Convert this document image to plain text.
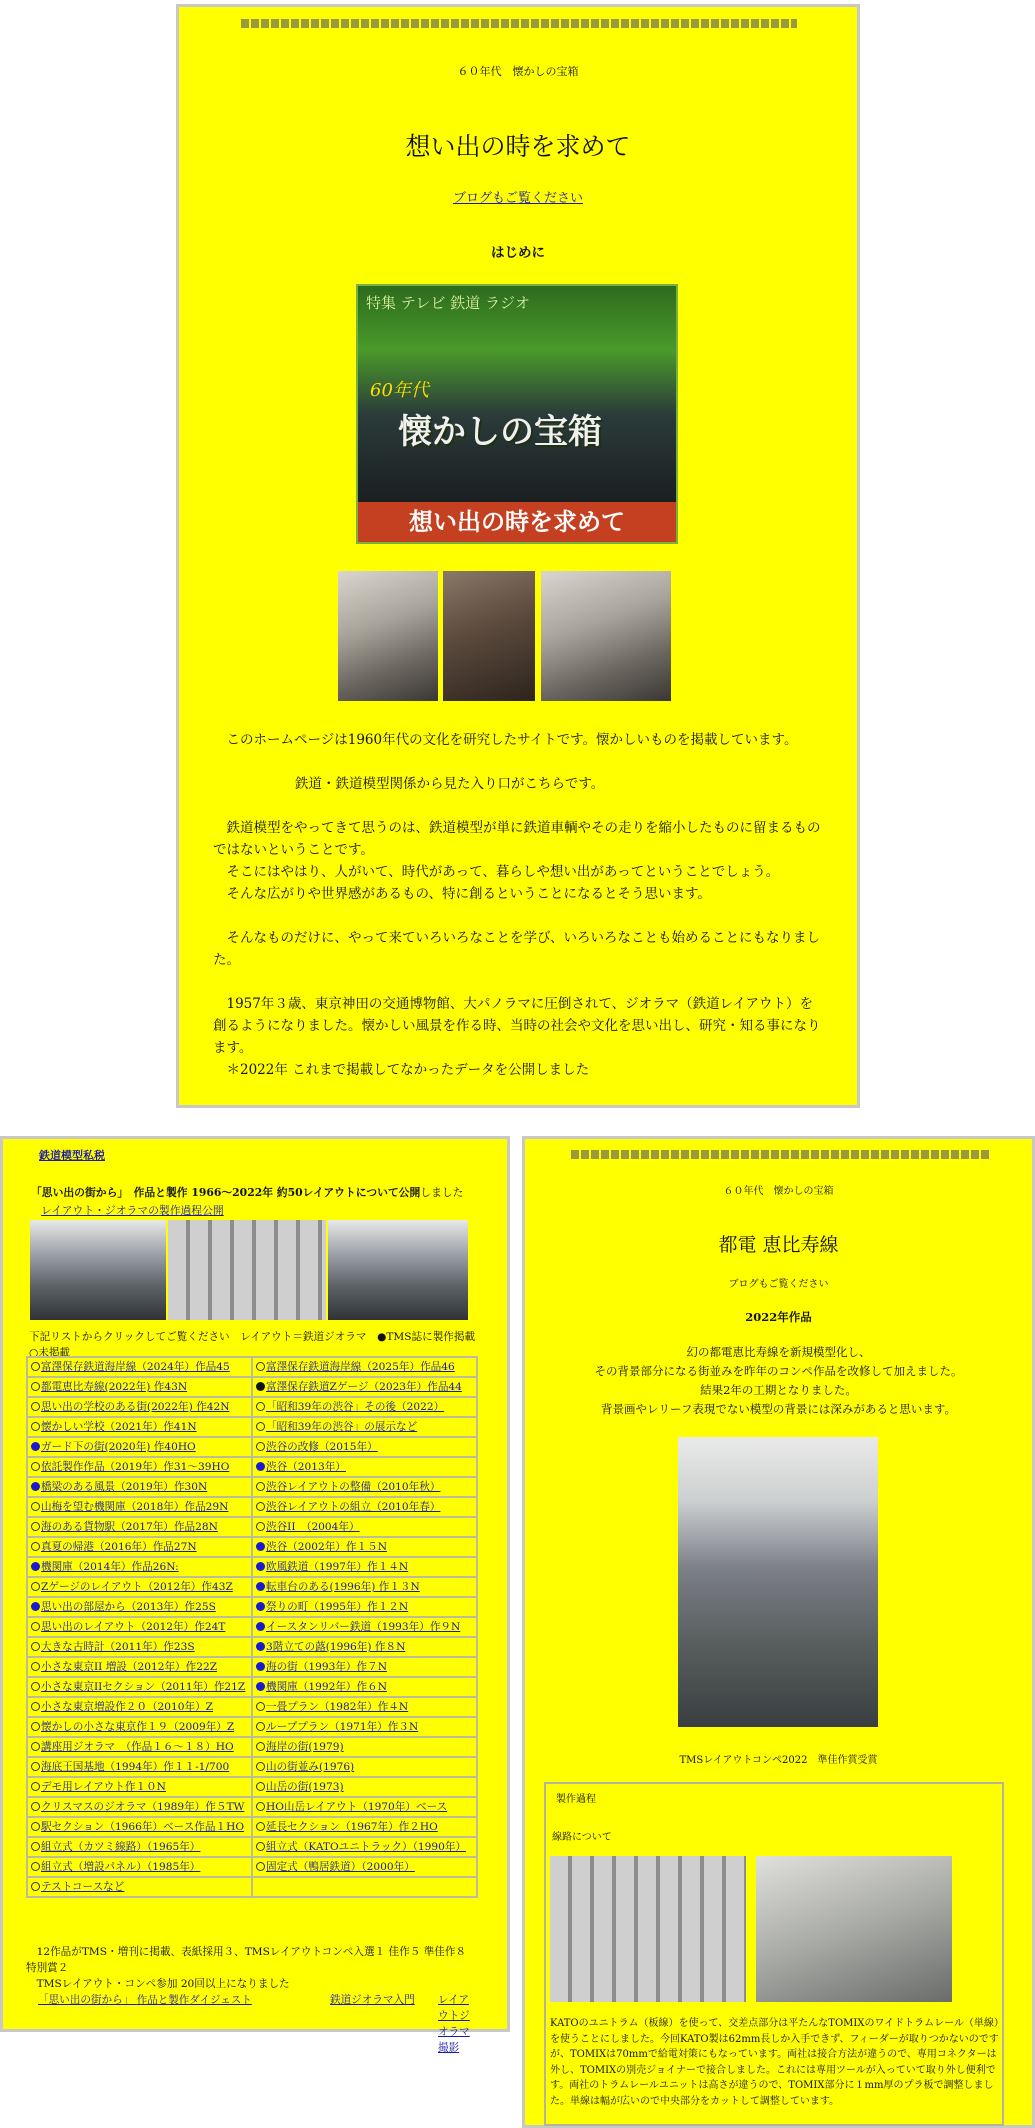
６０年代　懐かしの宝箱
想い出の時を求めて
ブログもご覧ください
はじめに
特集 テレビ 鉄道 ラジオ
60年代
懐かしの宝箱
想い出の時を求めて

　このホームページは1960年代の文化を研究したサイトです。懐かしいものを掲載しています。

鉄道・鉄道模型関係から見た入り口がこちらです。

　鉄道模型をやってきて思うのは、鉄道模型が単に鉄道車輌やその走りを縮小したものに留まるものではないということです。

　そこにはやはり、人がいて、時代があって、暮らしや想い出があってということでしょう。

　そんな広がりや世界感があるもの、特に創るということになるとそう思います。

　そんなものだけに、やって来ていろいろなことを学び、いろいろなことも始めることにもなりました。

　1957年３歳、東京神田の交通博物館、大パノラマに圧倒されて、ジオラマ（鉄道レイアウト）を創るようになりました。懐かしい風景を作る時、当時の社会や文化を思い出し、研究・知る事になります。

　＊2022年 これまで掲載してなかったデータを公開しました

鉄道模型私税
「思い出の街から」　 作品と製作 1966〜2022年 約50レイアウトについて公開しました
レイアウト・ジオラマの製作過程公開
下記リストからクリックしてご覧ください　レイアウト＝鉄道ジオラマ　●TMS誌に製作掲載　○未掲載
富澤保存鉄道海岸線（2024年）作品45	富澤保存鉄道海岸線（2025年）作品46
都電恵比寿線(2022年) 作43N	富澤保存鉄道Zゲージ（2023年）作品44
思い出の学校のある街(2022年) 作42N	「昭和39年の渋谷」その後（2022）
懐かしい学校（2021年）作41N	「昭和39年の渋谷」の展示など
ガード下の街(2020年) 作40HO	渋谷の改修（2015年）
依託製作作品（2019年）作31〜39HO	渋谷（2013年）
橋梁のある風景（2019年）作30N	渋谷レイアウトの整備（2010年秋）
山梅を望む機関庫（2018年）作品29N	渋谷レイアウトの組立（2010年春）
海のある貨物駅（2017年）作品28N	渋谷II　（2004年）
真夏の帰港（2016年）作品27N	渋谷（2002年）作１５N
機関庫（2014年）作品26N:	欧風鉄道（1997年）作１４N
Zゲージのレイアウト（2012年）作43Z	転車台のある(1996年) 作１３N
思い出の部屋から（2013年）作25S	祭りの町（1995年）作１２N
思い出のレイアウト（2012年）作24T	イースタンリバー鉄道（1993年）作９N
大きな古時計（2011年）作23S	3階立ての蕗(1996年) 作８N
小さな東京II 増設（2012年）作22Z	海の街（1993年）作７N
小さな東京IIセクション（2011年）作21Z	機関庫（1992年）作６N
小さな東京増設作２０（2010年）Z	一畳プラン（1982年）作４N
懐かしの小さな東京作１９（2009年）Z	ループプラン（1971年）作３N
講座用ジオラマ　（作品１６〜１８）HO	海岸の街(1979)
海底王国基地（1994年）作１１-1/700	山の街並み(1976)
デモ用レイアウト作１０N	山岳の街(1973)
クリスマスのジオラマ（1989年）作５TW	HO山岳レイアウト（1970年）ベース
駅セクション（1966年）ベース作品１HO	延長セクション（1967年）作２HO
組立式（カツミ線路）（1965年）	組立式（KATOユニトラック）（1990年）
組立式（増設パネル）（1985年）	固定式（鴨居鉄道）（2000年）
テストコースなど	
　12作品がTMS・増刊に掲載、表紙採用３、TMSレイアウトコンペ入選１ 佳作５ 準佳作８ 特別賞２
　TMSレイアウト・コンペ参加 20回以上になりました
「思い出の街から」 作品と製作ダイジェスト	鉄道ジオラマ入門 レイアウトジオラマ撮影
６０年代　懐かしの宝箱
都電 恵比寿線
ブログもご覧ください
2022年作品
幻の都電恵比寿線を新規模型化し、
その背景部分になる街並みを昨年のコンペ作品を改修して加えました。
結果2年の工期となりました。
背景画やレリーフ表現でない模型の背景には深みがあると思います。
TMSレイアウトコンペ2022　準佳作賞受賞
製作過程
線路について
KATOのユニトラム（板線）を使って、交差点部分は平たんなTOMIXのワイドトラムレール（単線）を使うことにしました。今回KATO製は62mm長しか入手できず、フィーダーが取りつかないのですが、TOMIXは70mmで給電対策にもなっています。両社は接合方法が違うので、専用コネクターは外し、TOMIXの別売ジョイナーで接合しました。これには専用ツールが入っていて取り外し便利です。両社のトラムレールユニットは高さが違うので、TOMIX部分に１mm厚のプラ板で調整しました。単線は幅が広いので中央部分をカットして調整しています。
